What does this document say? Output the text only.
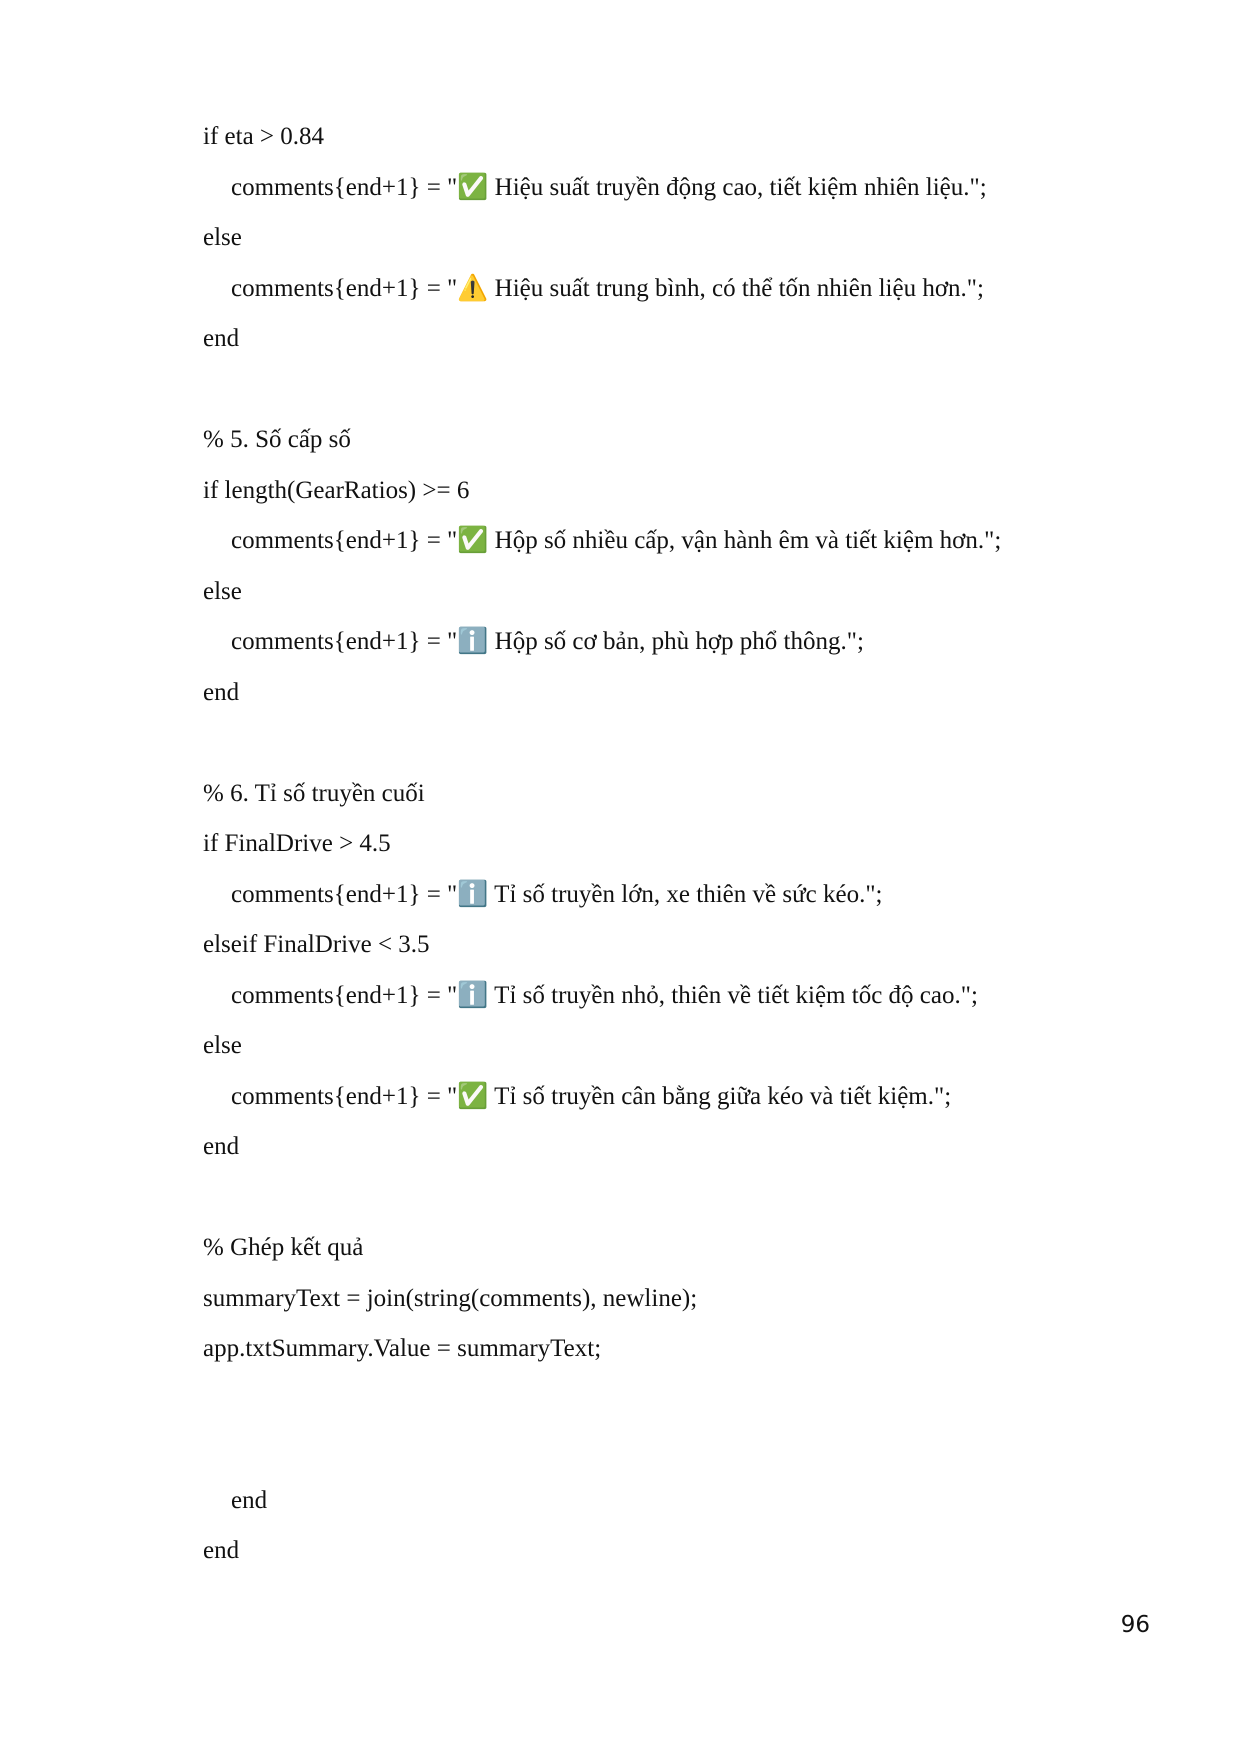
if eta > 0.84
comments{end+1} = "✅ Hiệu suất truyền động cao, tiết kiệm nhiên liệu.";
else
comments{end+1} = "⚠️ Hiệu suất trung bình, có thể tốn nhiên liệu hơn.";
end
% 5. Số cấp số
if length(GearRatios) >= 6
comments{end+1} = "✅ Hộp số nhiều cấp, vận hành êm và tiết kiệm hơn.";
else
comments{end+1} = "ℹ️ Hộp số cơ bản, phù hợp phổ thông.";
end
% 6. Tỉ số truyền cuối
if FinalDrive > 4.5
comments{end+1} = "ℹ️ Tỉ số truyền lớn, xe thiên về sức kéo.";
elseif FinalDrive < 3.5
comments{end+1} = "ℹ️ Tỉ số truyền nhỏ, thiên về tiết kiệm tốc độ cao.";
else
comments{end+1} = "✅ Tỉ số truyền cân bằng giữa kéo và tiết kiệm.";
end
% Ghép kết quả
summaryText = join(string(comments), newline);
app.txtSummary.Value = summaryText;
end
end
96
